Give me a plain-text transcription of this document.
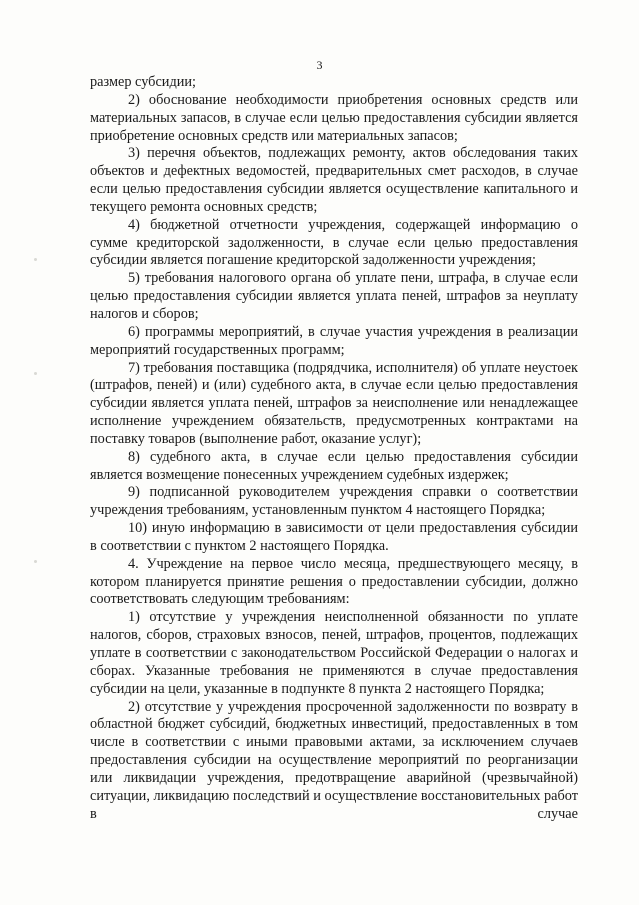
3

размер субсидии;

2) обоснование необходимости приобретения основных средств или материальных запасов, в случае если целью предоставления субсидии является приобретение основных средств или материальных запасов;

3) перечня объектов, подлежащих ремонту, актов обследования таких объектов и дефектных ведомостей, предварительных смет расходов, в случае если целью предоставления субсидии является осуществление капитального и текущего ремонта основных средств;

4) бюджетной отчетности учреждения, содержащей информацию о сумме кредиторской задолженности, в случае если целью предоставления субсидии является погашение кредиторской задолженности учреждения;

5) требования налогового органа об уплате пени, штрафа, в случае если целью предоставления субсидии является уплата пеней, штрафов за неуплату налогов и сборов;

6) программы мероприятий, в случае участия учреждения в реализации мероприятий государственных программ;

7) требования поставщика (подрядчика, исполнителя) об уплате неустоек (штрафов, пеней) и (или) судебного акта, в случае если целью предоставления субсидии является уплата пеней, штрафов за неисполнение или ненадлежащее исполнение учреждением обязательств, предусмотренных контрактами на поставку товаров (выполнение работ, оказание услуг);

8) судебного акта, в случае если целью предоставления субсидии является возмещение понесенных учреждением судебных издержек;

9) подписанной руководителем учреждения справки о соответствии учреждения требованиям, установленным пунктом 4 настоящего Порядка;

10) иную информацию в зависимости от цели предоставления субсидии в соответствии с пунктом 2 настоящего Порядка.

4. Учреждение на первое число месяца, предшествующего месяцу, в котором планируется принятие решения о предоставлении субсидии, должно соответствовать следующим требованиям:

1) отсутствие у учреждения неисполненной обязанности по уплате налогов, сборов, страховых взносов, пеней, штрафов, процентов, подлежащих уплате в соответствии с законодательством Российской Федерации о налогах и сборах. Указанные требования не применяются в случае предоставления субсидии на цели, указанные в подпункте 8 пункта 2 настоящего Порядка;

2) отсутствие у учреждения просроченной задолженности по возврату в областной бюджет субсидий, бюджетных инвестиций, предоставленных в том числе в соответствии с иными правовыми актами, за исключением случаев предоставления субсидии на осуществление мероприятий по реорганизации или ликвидации учреждения, предотвращение аварийной (чрезвычайной) ситуации, ликвидацию последствий и осуществление восстановительных работ в случае
